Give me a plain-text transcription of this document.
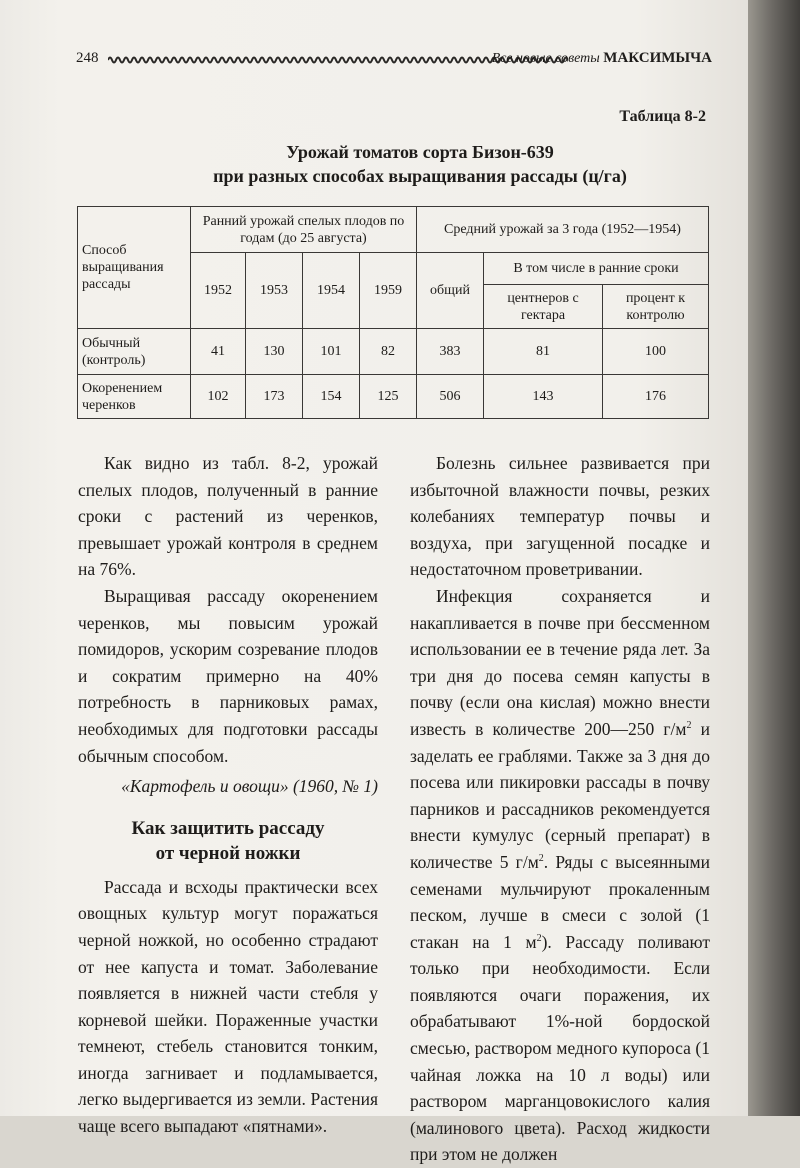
248	Все новые советы МАКСИМЫЧА
Таблица 8-2
Урожай томатов сорта Бизон-639
при разных способах выращивания рассады (ц/га)
Способ выращивания рассады	Ранний урожай спелых плодов по годам (до 25 августа)				Средний урожай за 3 года (1952—1954)		
	1952	1953	1954	1959	общий	В том числе в ранние сроки	
						центнеров с гектара	процент к контролю
Обычный (контроль)	41	130	101	82	383	81	100
Окоренением черенков	102	173	154	125	506	143	176

Как видно из табл. 8-2, урожай спелых плодов, полученный в ранние сроки с растений из черенков, превышает урожай контроля в среднем на 76%.

Выращивая рассаду окоренением черенков, мы повысим урожай помидоров, ускорим созревание плодов и сократим примерно на 40% потребность в парниковых рамах, необходимых для подготовки рассады обычным способом.

«Картофель и овощи» (1960, № 1)

Как защитить рассаду
от черной ножки

Рассада и всходы практически всех овощных культур могут поражаться черной ножкой, но особенно страдают от нее капуста и томат. Заболевание появляется в нижней части стебля у корневой шейки. Пораженные участки темнеют, стебель становится тонким, иногда загнивает и подламывается, легко выдергивается из земли. Растения чаще всего выпадают «пятнами».

Болезнь сильнее развивается при избыточной влажности почвы, резких колебаниях температур почвы и воздуха, при загущенной посадке и недостаточном проветривании.

Инфекция сохраняется и накапливается в почве при бессменном использовании ее в течение ряда лет. За три дня до посева семян капусты в почву (если она кислая) можно внести известь в количестве 200—250 $г/м^2$ и заделать ее граблями. Также за 3 дня до посева или пикировки рассады в почву парников и рассадников рекомендуется внести кумулус (серный препарат) в количестве 5 $г/м^2$. Ряды с высеянными семенами мульчируют прокаленным песком, лучше в смеси с золой (1 стакан на 1 $м^2$). Рассаду поливают только при необходимости. Если появляются очаги поражения, их обрабатывают 1%-ной бордоской смесью, раствором медного купороса (1 чайная ложка на 10 л воды) или раствором марганцовокислого калия (малинового цвета). Расход жидкости при этом не должен
